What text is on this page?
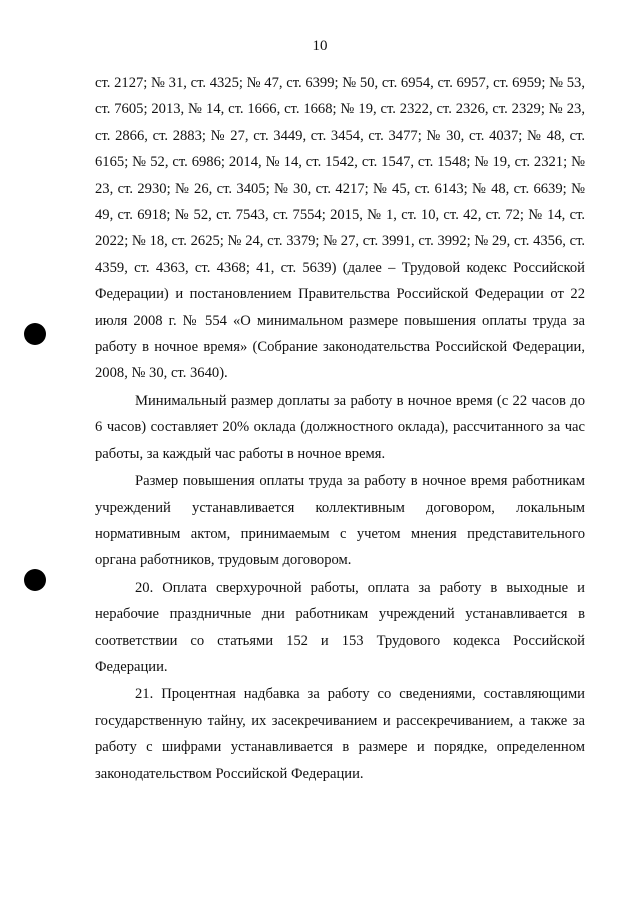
10

ст. 2127; № 31, ст. 4325; № 47, ст. 6399; № 50, ст. 6954, ст. 6957, ст. 6959; № 53, ст. 7605; 2013, № 14, ст. 1666, ст. 1668; № 19, ст. 2322, ст. 2326, ст. 2329; № 23, ст. 2866, ст. 2883; № 27, ст. 3449, ст. 3454, ст. 3477; № 30, ст. 4037; № 48, ст. 6165; № 52, ст. 6986; 2014, № 14, ст. 1542, ст. 1547, ст. 1548; № 19, ст. 2321; № 23, ст. 2930; № 26, ст. 3405; № 30, ст. 4217; № 45, ст. 6143; № 48, ст. 6639; № 49, ст. 6918; № 52, ст. 7543, ст. 7554; 2015, № 1, ст. 10, ст. 42, ст. 72; № 14, ст. 2022; № 18, ст. 2625; № 24, ст. 3379; № 27, ст. 3991, ст. 3992; № 29, ст. 4356, ст. 4359, ст. 4363, ст. 4368; 41, ст. 5639) (далее – Трудовой кодекс Российской Федерации) и постановлением Правительства Российской Федерации от 22 июля 2008 г. № 554 «О минимальном размере повышения оплаты труда за работу в ночное время» (Собрание законодательства Российской Федерации, 2008, № 30, ст. 3640).

Минимальный размер доплаты за работу в ночное время (с 22 часов до 6 часов) составляет 20% оклада (должностного оклада), рассчитанного за час работы, за каждый час работы в ночное время.

Размер повышения оплаты труда за работу в ночное время работникам учреждений устанавливается коллективным договором, локальным нормативным актом, принимаемым с учетом мнения представительного органа работников, трудовым договором.

20. Оплата сверхурочной работы, оплата за работу в выходные и нерабочие праздничные дни работникам учреждений устанавливается в соответствии со статьями 152 и 153 Трудового кодекса Российской Федерации.

21. Процентная надбавка за работу со сведениями, составляющими государственную тайну, их засекречиванием и рассекречиванием, а также за работу с шифрами устанавливается в размере и порядке, определенном законодательством Российской Федерации.
